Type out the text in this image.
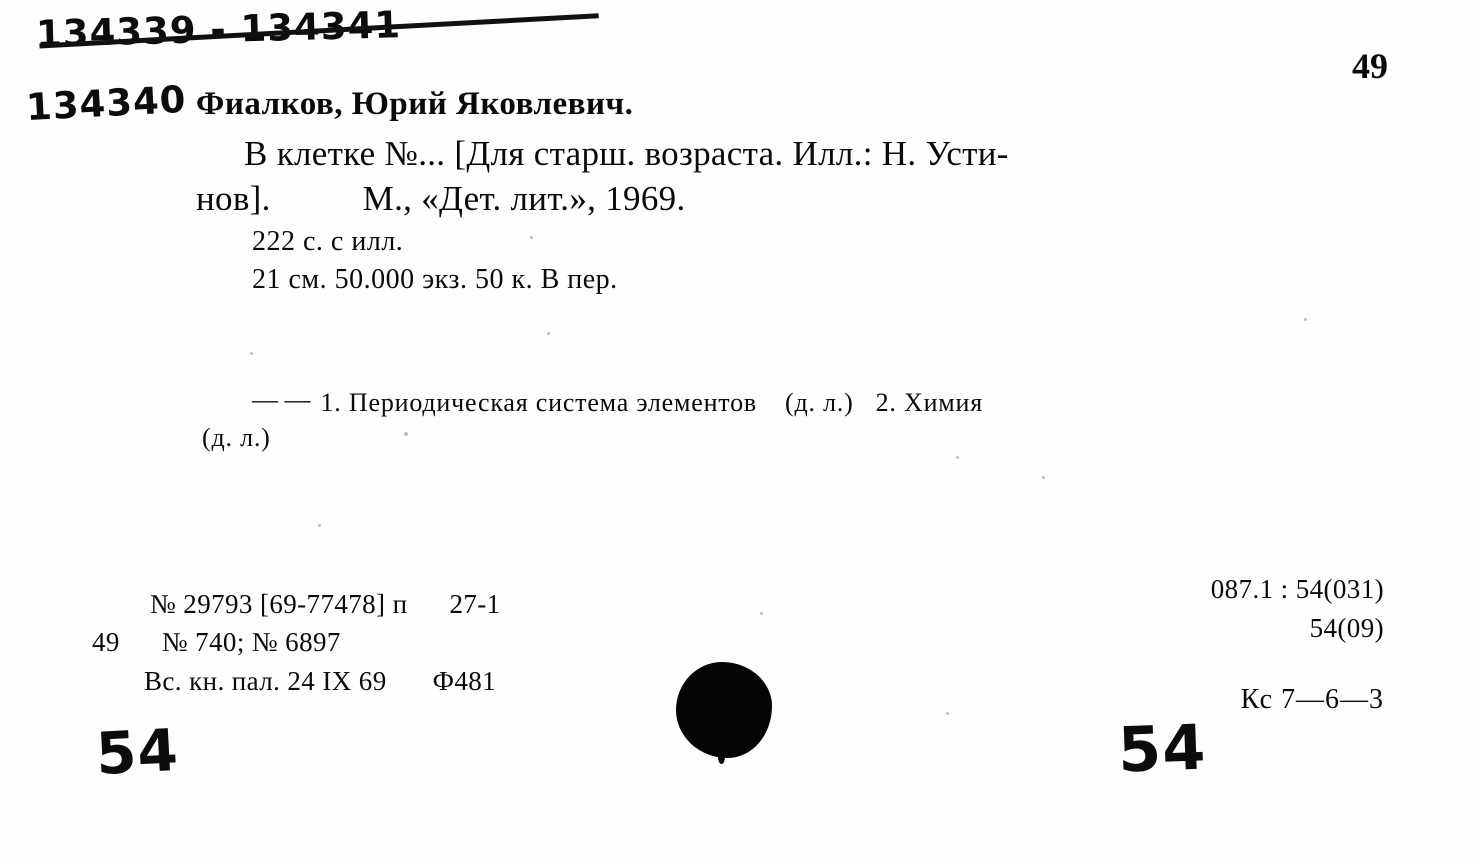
134339 - 134341
134340
49
Фиалков, Юрий Яковлевич.
В клетке №... [Для старш. возраста. Илл.: Н. Усти-
нов].	М., «Дет. лит.», 1969.
222 с. с илл.
21 см. 50.000 экз. 50 к. В пер.
— — 1. Периодическая система элементов (д. л.) 2. Химия
(д. л.)
№ 29793 [69-77478] п 27-1
49 № 740; № 6897
Вс. кн. пал. 24 IX 69 Ф481
087.1 : 54(031)
54(09)
Кс 7—6—3
54	54
